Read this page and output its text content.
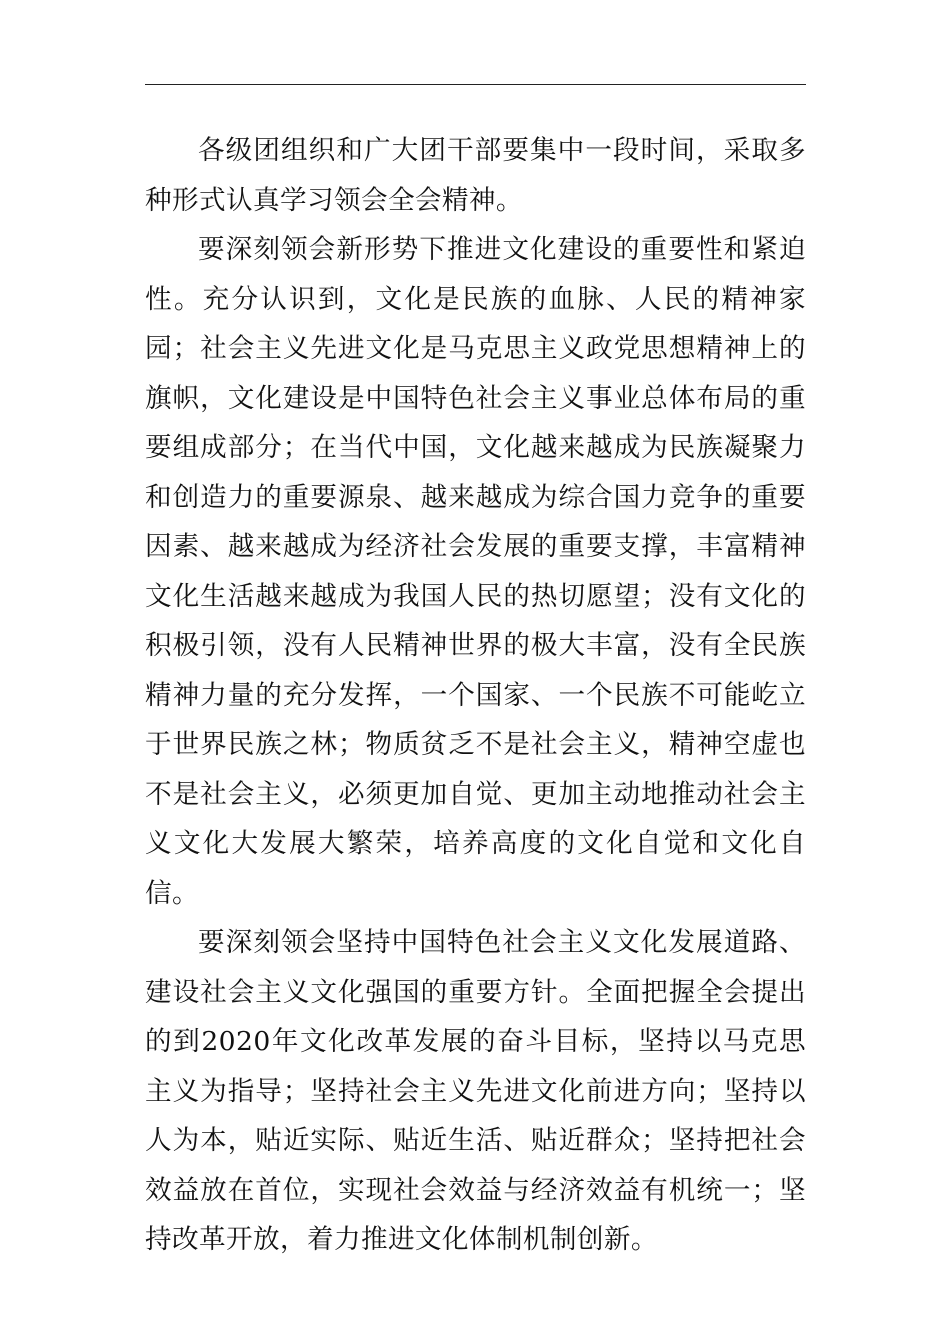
各级团组织和广大团干部要集中一段时间，采取多种形式认真学习领会全会精神。

要深刻领会新形势下推进文化建设的重要性和紧迫性。充分认识到，文化是民族的血脉、人民的精神家园；社会主义先进文化是马克思主义政党思想精神上的旗帜，文化建设是中国特色社会主义事业总体布局的重要组成部分；在当代中国，文化越来越成为民族凝聚力和创造力的重要源泉、越来越成为综合国力竞争的重要因素、越来越成为经济社会发展的重要支撑，丰富精神文化生活越来越成为我国人民的热切愿望；没有文化的积极引领，没有人民精神世界的极大丰富，没有全民族精神力量的充分发挥，一个国家、一个民族不可能屹立于世界民族之林；物质贫乏不是社会主义，精神空虚也不是社会主义，必须更加自觉、更加主动地推动社会主义文化大发展大繁荣，培养高度的文化自觉和文化自信。

要深刻领会坚持中国特色社会主义文化发展道路、建设社会主义文化强国的重要方针。全面把握全会提出的到2020年文化改革发展的奋斗目标，坚持以马克思主义为指导；坚持社会主义先进文化前进方向；坚持以人为本，贴近实际、贴近生活、贴近群众；坚持把社会效益放在首位，实现社会效益与经济效益有机统一；坚持改革开放，着力推进文化体制机制创新。
